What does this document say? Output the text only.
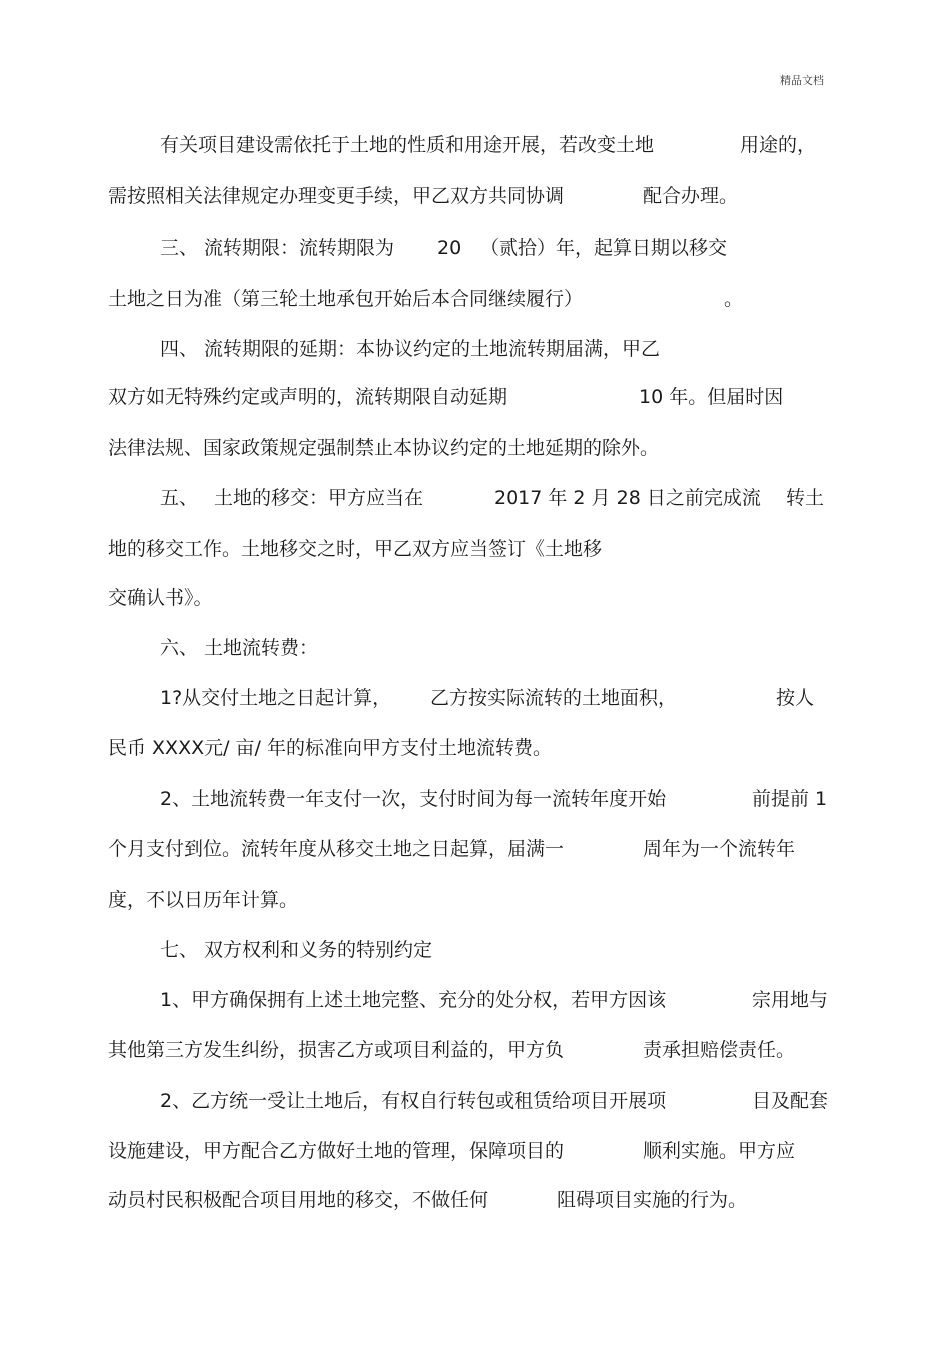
精品文档
有关项目建设需依托于土地的性质和用途开展，若改变土地	用途的，
需按照相关法律规定办理变更手续，甲乙双方共同协调	配合办理。
三、 流转期限：流转期限为 20 （贰拾）年，起算日期以移交
土地之日为准（第三轮土地承包开始后本合同继续履行）	。
四、 流转期限的延期：本协议约定的土地流转期届满，甲乙
双方如无特殊约定或声明的，流转期限自动延期	10 年。但届时因
法律法规、国家政策规定强制禁止本协议约定的土地延期的除外。
五、 土地的移交：甲方应当在	2017 年 2 月 28 日之前完成流 转土
地的移交工作。土地移交之时，甲乙双方应当签订《土地移
交确认书》。
六、 土地流转费：
1?从交付土地之日起计算， 乙方按实际流转的土地面积，	按人
民币 XXXX元/ 亩/ 年的标准向甲方支付土地流转费。
2、土地流转费一年支付一次，支付时间为每一流转年度开始	前提前 1
个月支付到位。流转年度从移交土地之日起算，届满一	周年为一个流转年
度，不以日历年计算。
七、 双方权利和义务的特别约定
1、甲方确保拥有上述土地完整、充分的处分权，若甲方因该	宗用地与
其他第三方发生纠纷，损害乙方或项目利益的，甲方负	责承担赔偿责任。
2、乙方统一受让土地后，有权自行转包或租赁给项目开展项	目及配套
设施建设，甲方配合乙方做好土地的管理，保障项目的	顺利实施。甲方应
动员村民积极配合项目用地的移交，不做任何	阻碍项目实施的行为。
